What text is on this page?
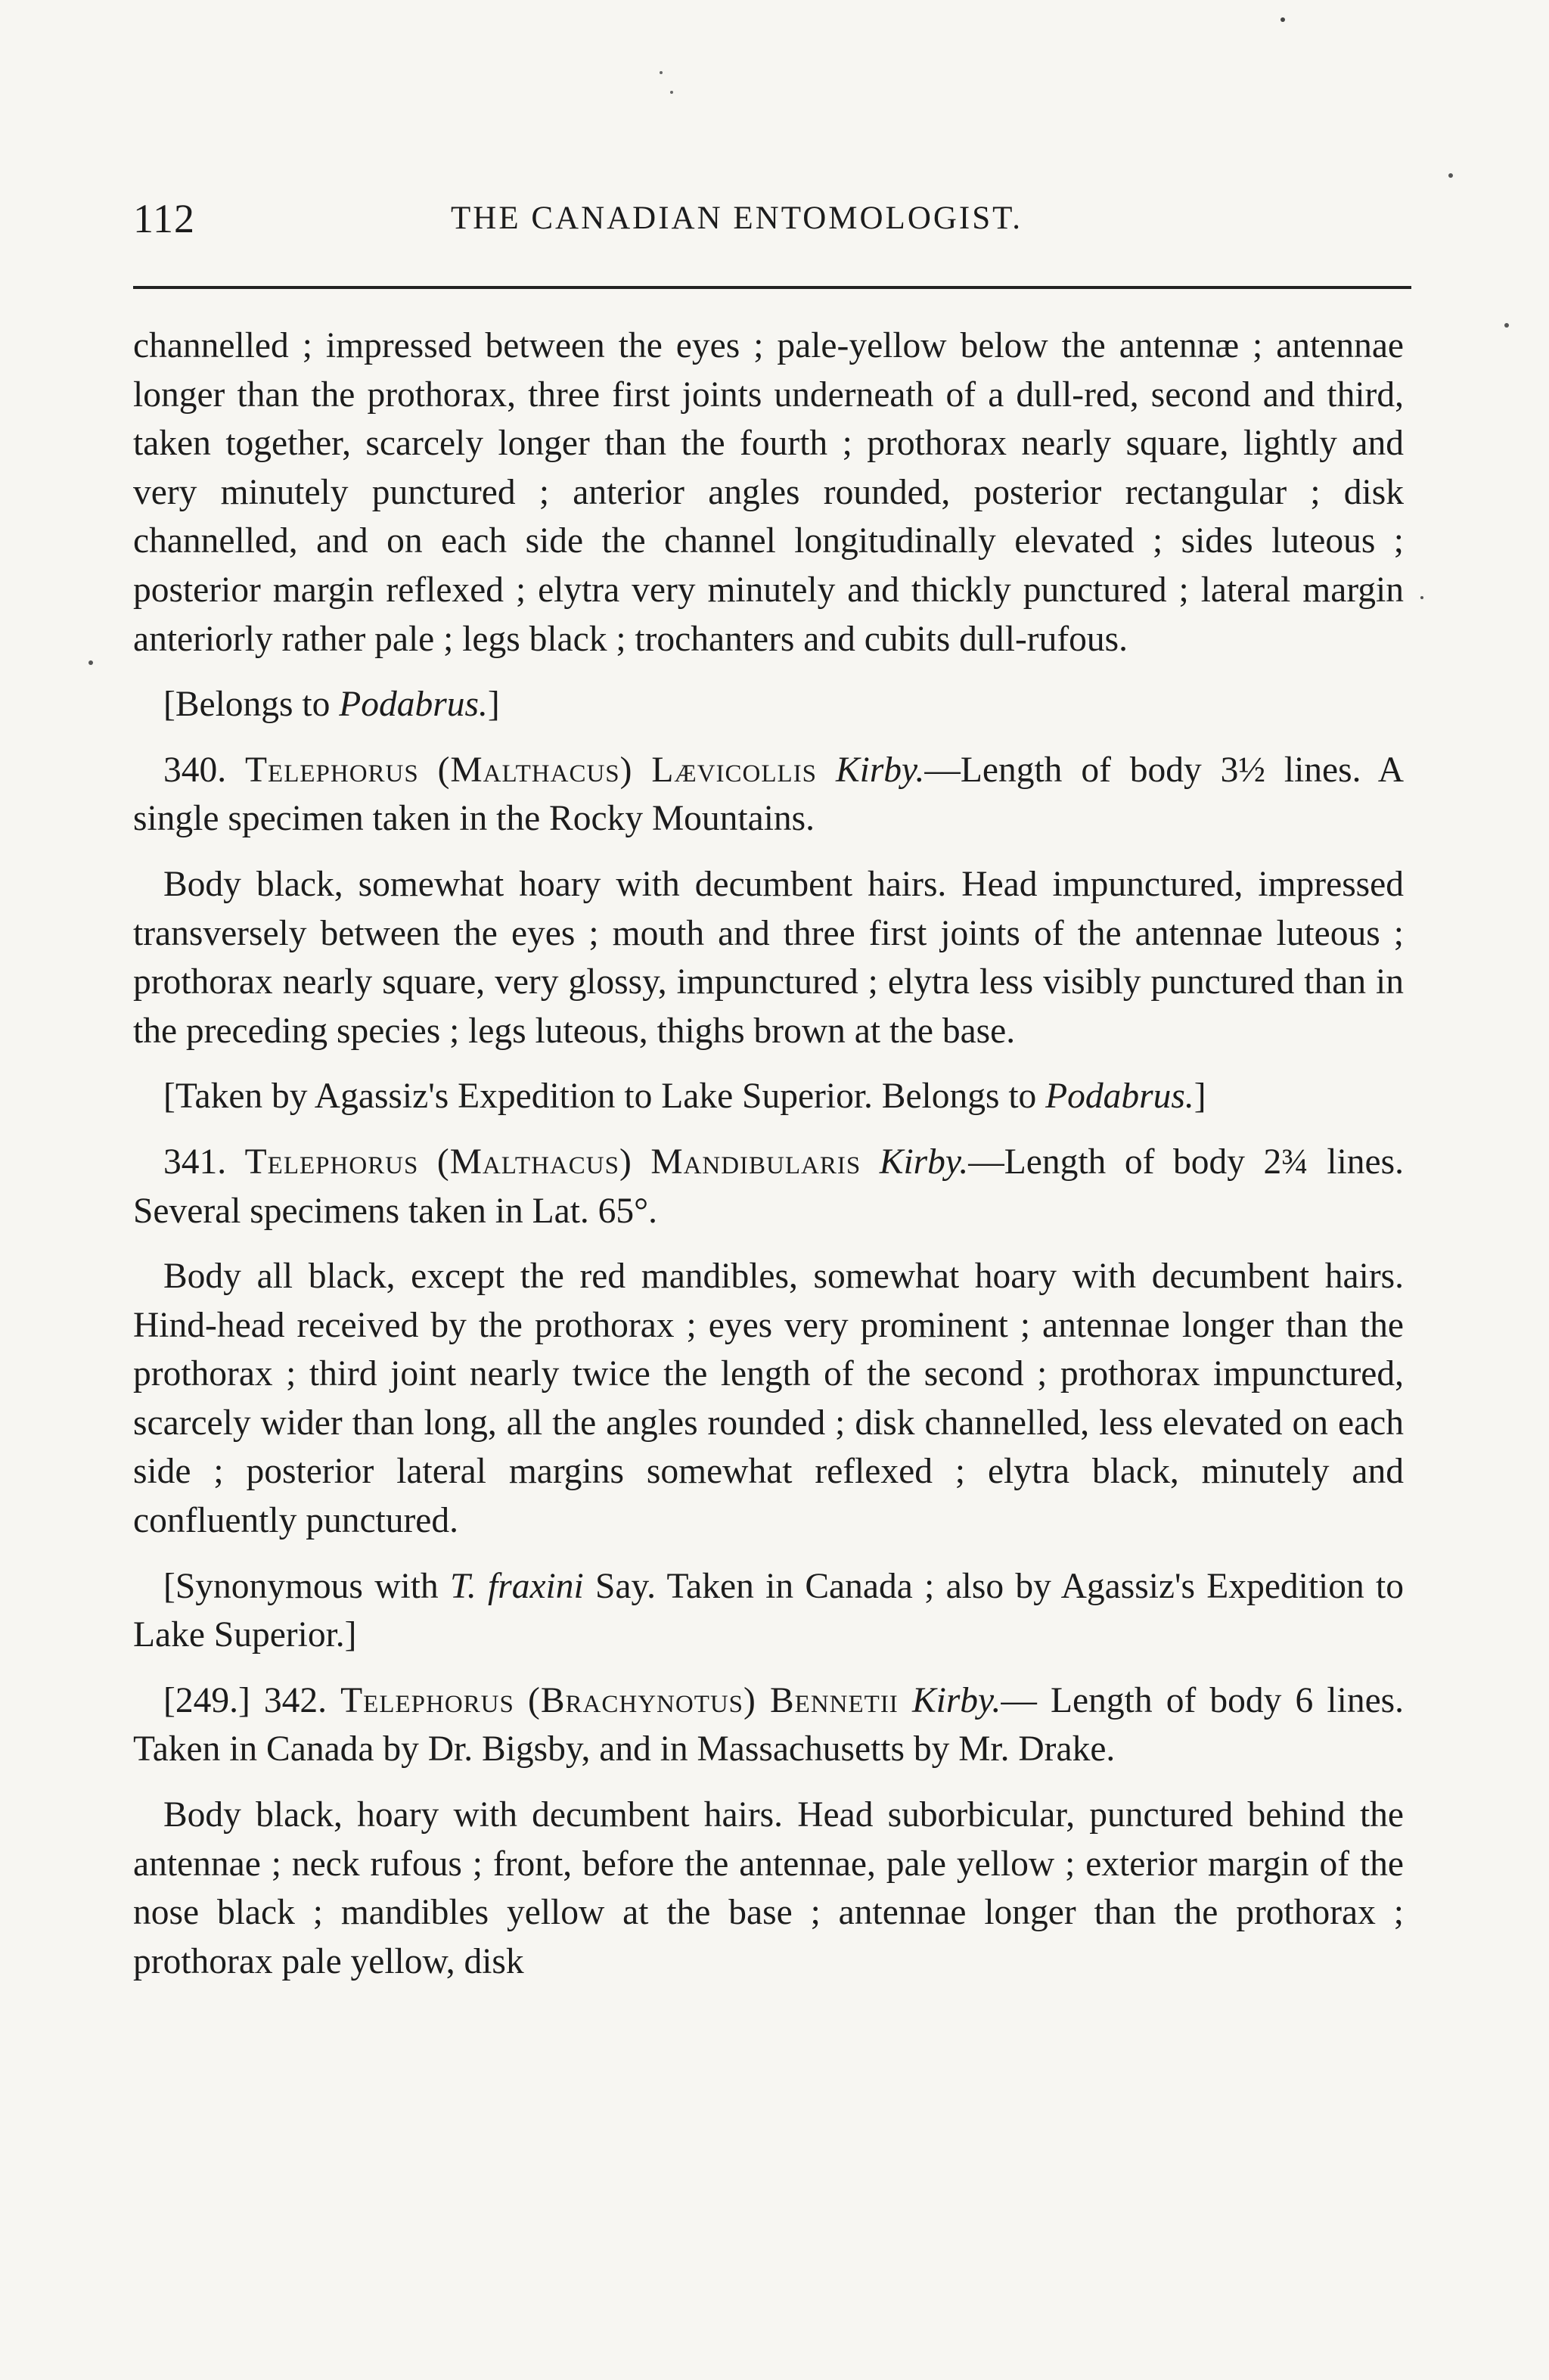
112	THE CANADIAN ENTOMOLOGIST.

channelled ; impressed between the eyes ; pale-yellow below the antennæ ; antennae longer than the prothorax, three first joints underneath of a dull-red, second and third, taken together, scarcely longer than the fourth ; prothorax nearly square, lightly and very minutely punctured ; anterior angles rounded, posterior rectangular ; disk channelled, and on each side the channel longitudinally elevated ; sides luteous ; posterior margin reflexed ; elytra very minutely and thickly punctured ; lateral margin anteriorly rather pale ; legs black ; trochanters and cubits dull-rufous.

[Belongs to Podabrus.]

340. Telephorus (Malthacus) Lævicollis Kirby.—Length of body 3½ lines. A single specimen taken in the Rocky Mountains.

Body black, somewhat hoary with decumbent hairs. Head impunctured, impressed transversely between the eyes ; mouth and three first joints of the antennae luteous ; prothorax nearly square, very glossy, impunctured ; elytra less visibly punctured than in the preceding species ; legs luteous, thighs brown at the base.

[Taken by Agassiz's Expedition to Lake Superior. Belongs to Podabrus.]

341. Telephorus (Malthacus) Mandibularis Kirby.—Length of body 2¾ lines. Several specimens taken in Lat. 65°.

Body all black, except the red mandibles, somewhat hoary with decumbent hairs. Hind-head received by the prothorax ; eyes very prominent ; antennae longer than the prothorax ; third joint nearly twice the length of the second ; prothorax impunctured, scarcely wider than long, all the angles rounded ; disk channelled, less elevated on each side ; posterior lateral margins somewhat reflexed ; elytra black, minutely and confluently punctured.

[Synonymous with T. fraxini Say. Taken in Canada ; also by Agassiz's Expedition to Lake Superior.]

[249.] 342. Telephorus (Brachynotus) Bennetii Kirby.— Length of body 6 lines. Taken in Canada by Dr. Bigsby, and in Massachusetts by Mr. Drake.

Body black, hoary with decumbent hairs. Head suborbicular, punctured behind the antennae ; neck rufous ; front, before the antennae, pale yellow ; exterior margin of the nose black ; mandibles yellow at the base ; antennae longer than the prothorax ; prothorax pale yellow, disk
